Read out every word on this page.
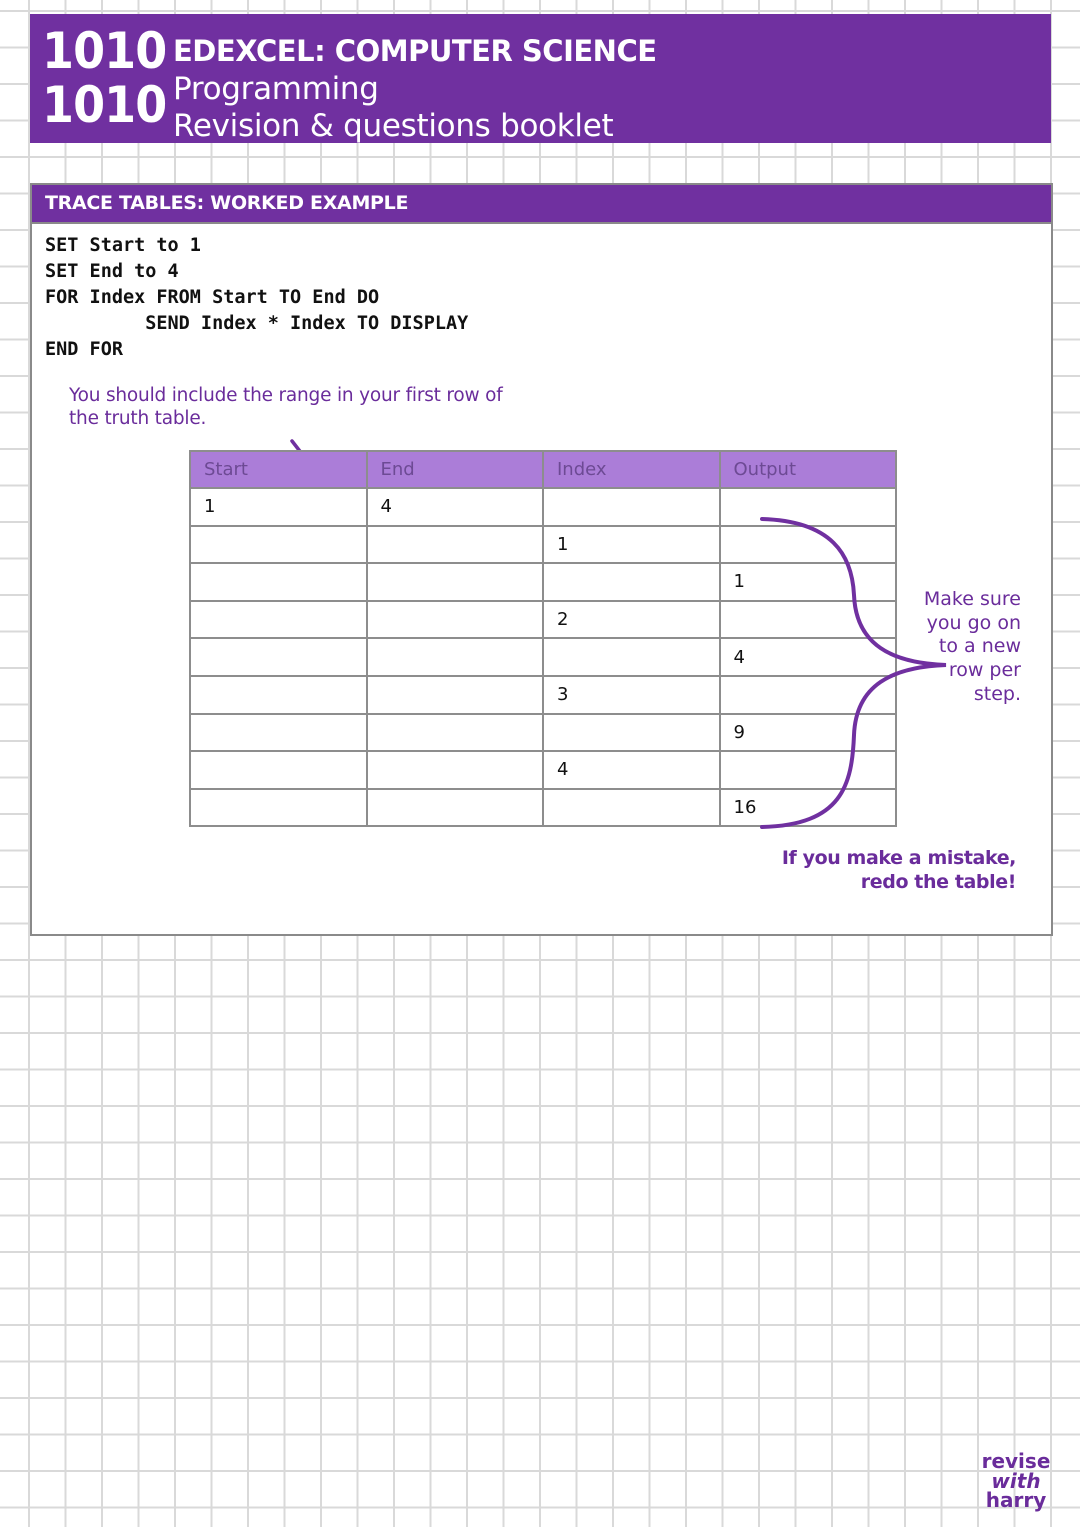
1010
1010
EDEXCEL: COMPUTER SCIENCE
Programming
Revision & questions booklet
TRACE TABLES: WORKED EXAMPLE
SET Start to 1
SET End to 4
FOR Index FROM Start TO End DO
SEND Index * Index TO DISPLAY
END FOR
You should include the range in your first row of the truth table.
Start	End	Index	Output
1	4		
		1	
			1
		2	
			4
		3	
			9
		4	
			16
Make sure you go on to a new row per step.
If you make a mistake, redo the table!
revise
with
harry
